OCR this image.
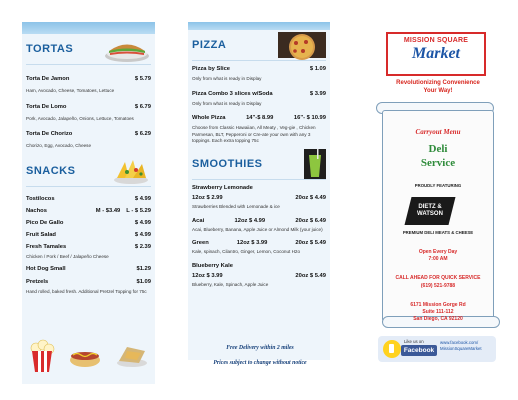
TORTAS
Torta De Jamon	$ 5.79
Ham, Avocado, Cheese, Tomatoes, Lettuce
Torta De Lomo	$ 6.79
Pork, Avocado, Jalapeño, Onions, Lettuce, Tomatoes
Torta De Chorizo	$ 6.29
Chorizo, Egg, Avocado, Cheese
SNACKS
Tostilocos	$ 4.99
Nachos	M - $3.49 L - $ 5.29
Pico De Gallo	$ 4.99
Fruit Salad	$ 4.99
Fresh Tamales	$ 2.39
Chicken / Pork / Beef / Jalapeño Cheese
Hot Dog Small	$1.29
Pretzels	$1.09
Hand rolled, baked fresh. Additional Pretzel Topping for 75c
PIZZA
Pizza by Slice	$ 1.09
Only from what is ready in Display
Pizza Combo 3 slices w/Soda	$ 3.99
Only from what is ready in Display
Whole Pizza	14"-$ 8.99	16"- $ 10.99
Choose from Classic Hawaiian, All Meaty , Veg-gie , Chicken Parmesan, BLT, Pepperoni or Cre-ate your own with any 3 toppings. Each extra topping 75c
SMOOTHIES
Strawberry Lemonade
12oz $ 2.99	20oz $ 4.49
Strawberries Blended with Lemonade & ice
Acai	12oz $ 4.99	20oz $ 6.49
Acai, Blueberry, Banana, Apple Juice or Almond Milk (your juice)
Green	12oz $ 3.99	20oz $ 5.49
Kale, spinach, Cilantro, Ginger, Lemon, Coconut H2o
Blueberry Kale
12oz $ 3.99	20oz $ 5.49
Blueberry, Kale, Spinach, Apple Juice
Free Delivery within 2 miles
Prices subject to change without notice
MISSION SQUARE
Market
Revolutionizing Convenience
Your Way!
Carryout Menu
Deli
Service
PROUDLY FEATURING
DIETZ &
WATSON
PREMIUM DELI MEATS & CHEESE
Open Every Day
7:00 AM
CALL AHEAD FOR QUICK SERVICE
(619) 521-9788
6171 Mission Gorge Rd
Suite 111-112
San Diego, CA 92120
Like us on
Facebook
www.facebook.com/
MissionSquareMarket
